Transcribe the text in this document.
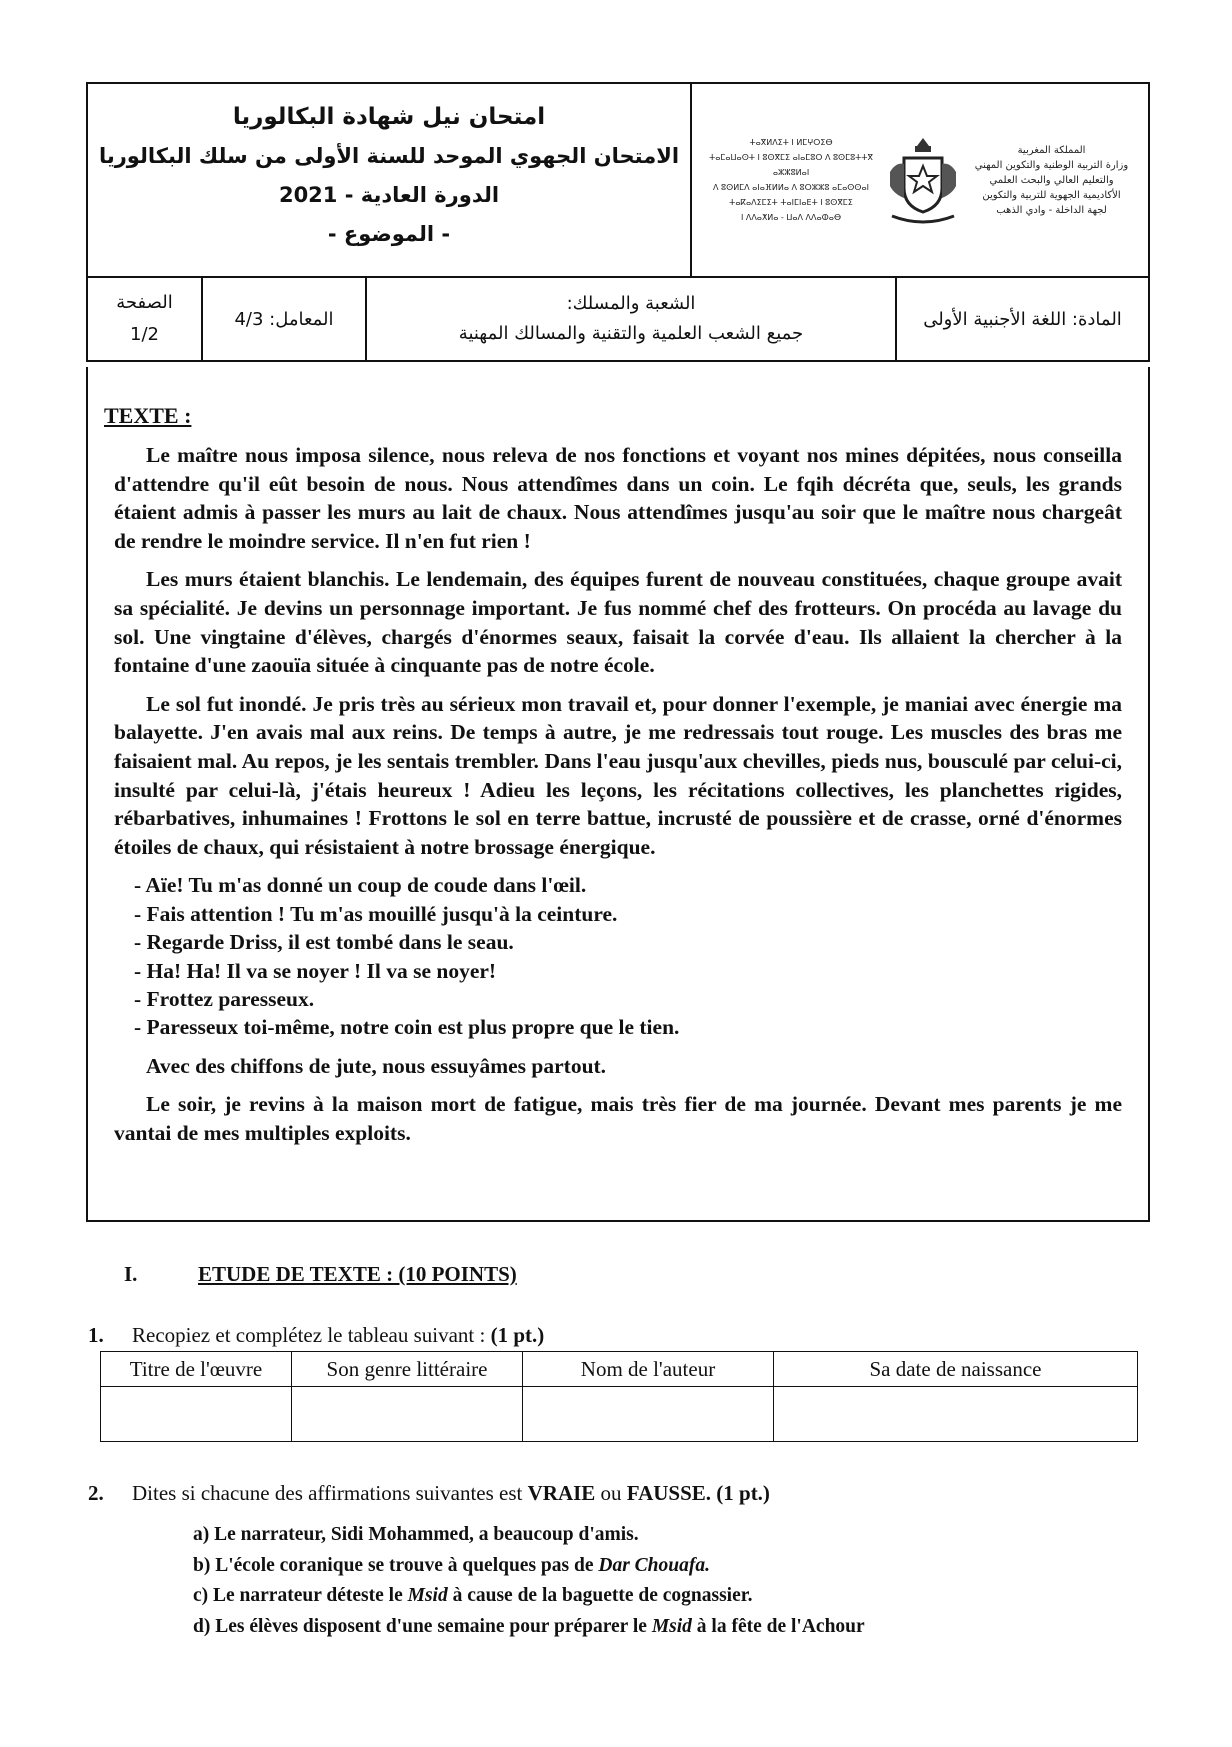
ⵜⴰⴳⵍⴷⵉⵜ ⵏ ⵍⵎⵖⵔⵉⴱ
ⵜⴰⵎⴰⵡⴰⵙⵜ ⵏ ⵓⵙⴳⵎⵉ ⴰⵏⴰⵎⵓⵔ ⴷ ⵓⵙⵎⵓⵜⵜⴳ ⴰⵣⵣⵓⵍⴰⵏ
ⴷ ⵓⵙⵍⵎⴷ ⴰⵏⴰⴼⵍⵍⴰ ⴷ ⵓⵔⵣⵣⵓ ⴰⵎⴰⵙⵙⴰⵏ
ⵜⴰⴽⴰⴷⵉⵎⵉⵜ ⵜⴰⵏⵎⵏⴰⴹⵜ ⵏ ⵓⵙⴳⵎⵉ
ⵏ ⴷⴷⴰⵅⵍⴰ - ⵡⴰⴷ ⴷⴷⴰⵀⴰⴱ
المملكة المغربية
وزارة التربية الوطنية والتكوين المهني
والتعليم العالي والبحث العلمي
الأكاديمية الجهوية للتربية والتكوين
لجهة الداخلة - وادي الذهب
امتحان نيل شهادة البكالوريا
الامتحان الجهوي الموحد للسنة الأولى من سلك البكالوريا
الدورة العادية - 2021
- الموضوع -
المادة: اللغة الأجنبية الأولى
الشعبة والمسلك:
جميع الشعب العلمية والتقنية والمسالك المهنية
المعامل: 4/3
الصفحة
1/2
TEXTE :

Le maître nous imposa silence, nous releva de nos fonctions et voyant nos mines dépitées, nous conseilla d'attendre qu'il eût besoin de nous. Nous attendîmes dans un coin. Le fqih décréta que, seuls, les grands étaient admis à passer les murs au lait de chaux. Nous attendîmes jusqu'au soir que le maître nous chargeât de rendre le moindre service. Il n'en fut rien !

Les murs étaient blanchis. Le lendemain, des équipes furent de nouveau constituées, chaque groupe avait sa spécialité. Je devins un personnage important. Je fus nommé chef des frotteurs. On procéda au lavage du sol. Une vingtaine d'élèves, chargés d'énormes seaux, faisait la corvée d'eau. Ils allaient la chercher à la fontaine d'une zaouïa située à cinquante pas de notre école.

Le sol fut inondé. Je pris très au sérieux mon travail et, pour donner l'exemple, je maniai avec énergie ma balayette. J'en avais mal aux reins. De temps à autre, je me redressais tout rouge. Les muscles des bras me faisaient mal. Au repos, je les sentais trembler. Dans l'eau jusqu'aux chevilles, pieds nus, bousculé par celui-ci, insulté par celui-là, j'étais heureux ! Adieu les leçons, les récitations collectives, les planchettes rigides, rébarbatives, inhumaines ! Frottons le sol en terre battue, incrusté de poussière et de crasse, orné d'énormes étoiles de chaux, qui résistaient à notre brossage énergique.

- Aïe! Tu m'as donné un coup de coude dans l'œil.
- Fais attention ! Tu m'as mouillé jusqu'à la ceinture.
- Regarde Driss, il est tombé dans le seau.
- Ha! Ha! Il va se noyer ! Il va se noyer!
- Frottez paresseux.
- Paresseux toi-même, notre coin est plus propre que le tien.

Avec des chiffons de jute, nous essuyâmes partout.

Le soir, je revins à la maison mort de fatigue, mais très fier de ma journée. Devant mes parents je me vantai de mes multiples exploits.

I.	ETUDE DE TEXTE : (10 POINTS)
1. Recopiez et complétez le tableau suivant : (1 pt.)
Titre de l'œuvre	Son genre littéraire	Nom de l'auteur	Sa date de naissance

2. Dites si chacune des affirmations suivantes est VRAIE ou FAUSSE. (1 pt.)
a) Le narrateur, Sidi Mohammed, a beaucoup d'amis.
b) L'école coranique se trouve à quelques pas de Dar Chouafa.
c) Le narrateur déteste le Msid à cause de la baguette de cognassier.
d) Les élèves disposent d'une semaine pour préparer le Msid à la fête de l'Achour
